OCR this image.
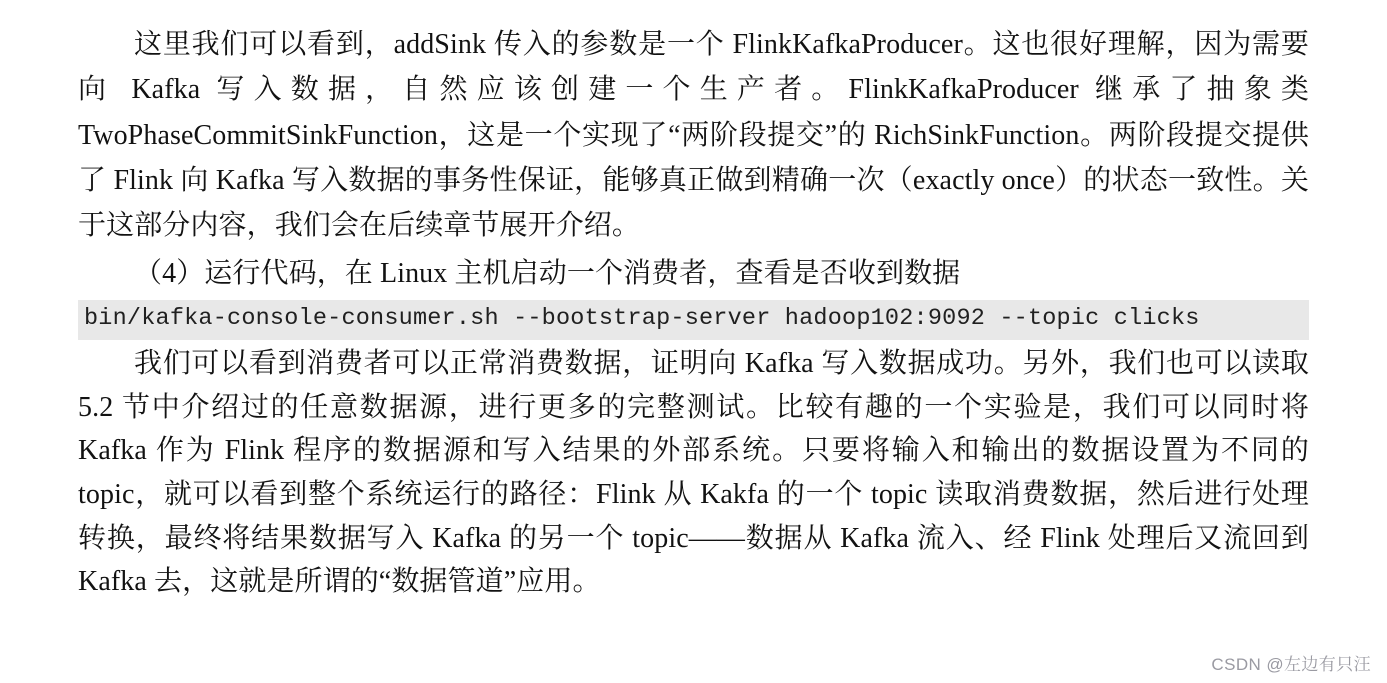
这里我们可以看到，addSink 传入的参数是一个 FlinkKafkaProducer。这也很好理解，因为需要向 Kafka 写入数据，自然应该创建一个生产者。FlinkKafkaProducer 继承了抽象类 TwoPhaseCommitSinkFunction，这是一个实现了“两阶段提交”的 RichSinkFunction。两阶段提交提供了 Flink 向 Kafka 写入数据的事务性保证，能够真正做到精确一次（exactly once）的状态一致性。关于这部分内容，我们会在后续章节展开介绍。

（4）运行代码，在 Linux 主机启动一个消费者，查看是否收到数据

bin/kafka-console-consumer.sh --bootstrap-server hadoop102:9092 --topic clicks

我们可以看到消费者可以正常消费数据，证明向 Kafka 写入数据成功。另外，我们也可以读取 5.2 节中介绍过的任意数据源，进行更多的完整测试。比较有趣的一个实验是，我们可以同时将 Kafka 作为 Flink 程序的数据源和写入结果的外部系统。只要将输入和输出的数据设置为不同的 topic，就可以看到整个系统运行的路径：Flink 从 Kakfa 的一个 topic 读取消费数据，然后进行处理转换，最终将结果数据写入 Kafka 的另一个 topic——数据从 Kafka 流入、经 Flink 处理后又流回到 Kafka 去，这就是所谓的“数据管道”应用。

CSDN @左边有只汪
